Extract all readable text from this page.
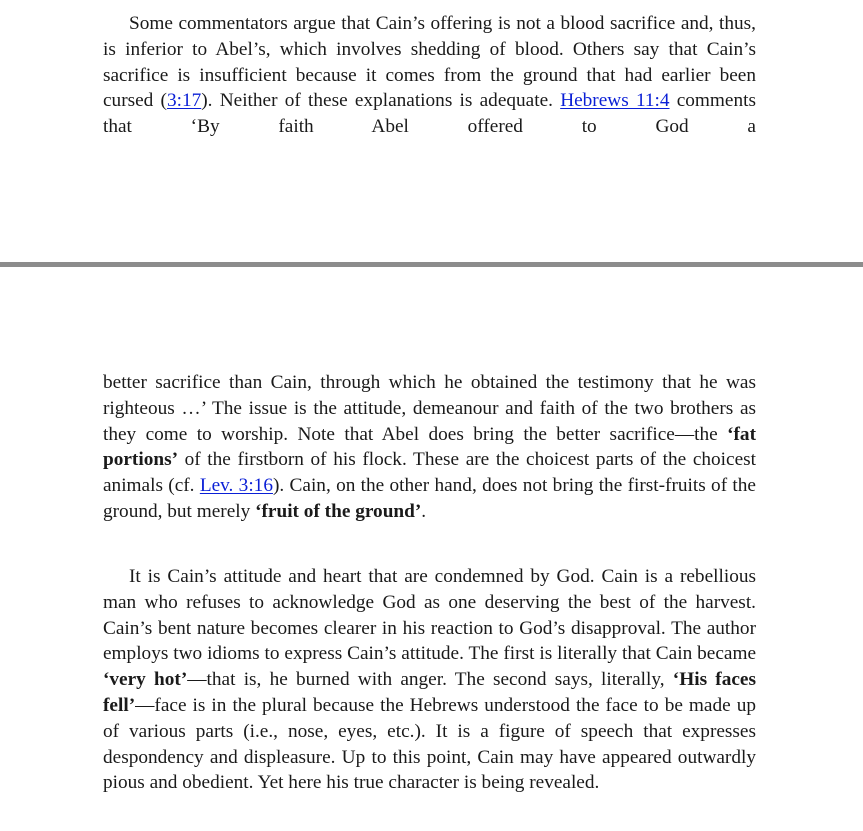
Some commentators argue that Cain’s offering is not a blood sacrifice and, thus, is inferior to Abel’s, which involves shedding of blood. Others say that Cain’s sacrifice is insufficient because it comes from the ground that had earlier been cursed (3:17). Neither of these explanations is adequate. Hebrews 11:4 comments that ‘By faith Abel offered to God a

better sacrifice than Cain, through which he obtained the testimony that he was righteous …’ The issue is the attitude, demeanour and faith of the two brothers as they come to worship. Note that Abel does bring the better sacrifice—the ‘fat portions’ of the firstborn of his flock. These are the choicest parts of the choicest animals (cf. Lev. 3:16). Cain, on the other hand, does not bring the first-fruits of the ground, but merely ‘fruit of the ground’.

It is Cain’s attitude and heart that are condemned by God. Cain is a rebellious man who refuses to acknowledge God as one deserving the best of the harvest. Cain’s bent nature becomes clearer in his reaction to God’s disapproval. The author employs two idioms to express Cain’s attitude. The first is literally that Cain became ‘very hot’—that is, he burned with anger. The second says, literally, ‘His faces fell’—face is in the plural because the Hebrews understood the face to be made up of various parts (i.e., nose, eyes, etc.). It is a figure of speech that expresses despondency and displeasure. Up to this point, Cain may have appeared outwardly pious and obedient. Yet here his true character is being revealed.
